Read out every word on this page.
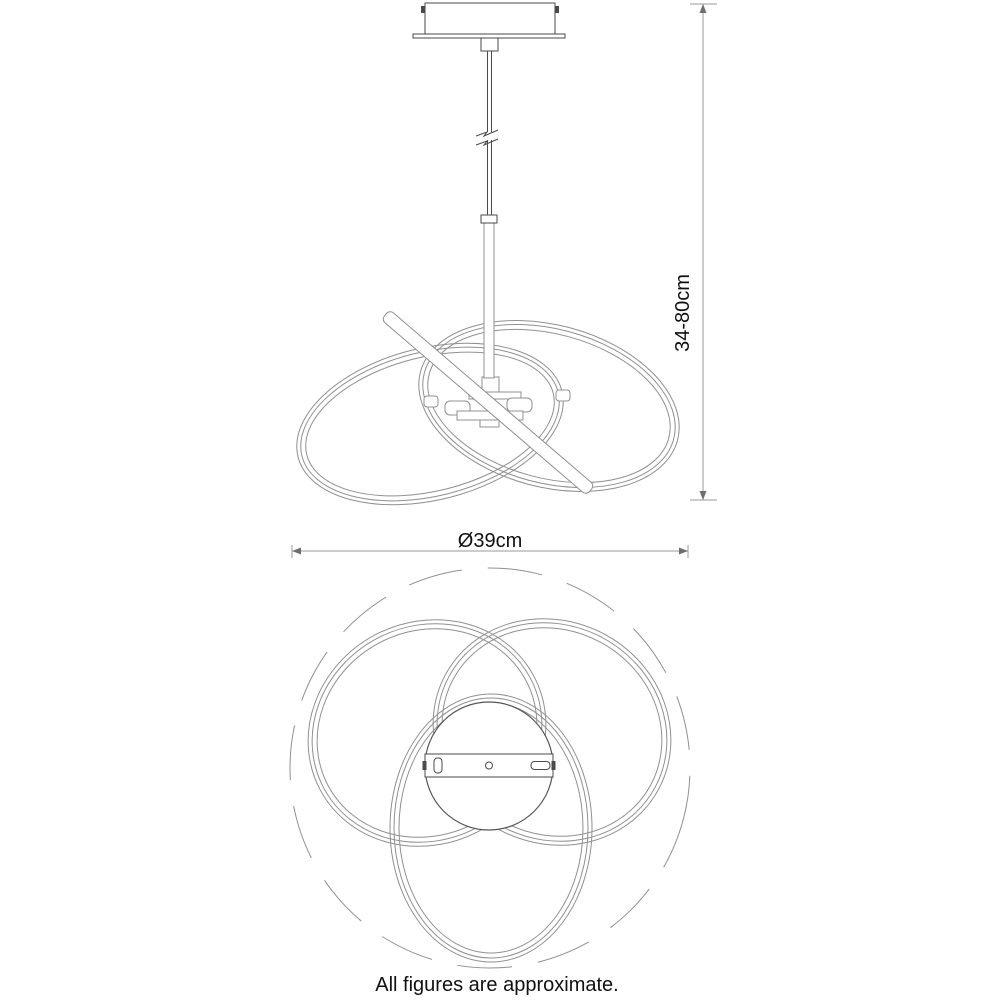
34-80cm
Ø39cm
All figures are approximate.
